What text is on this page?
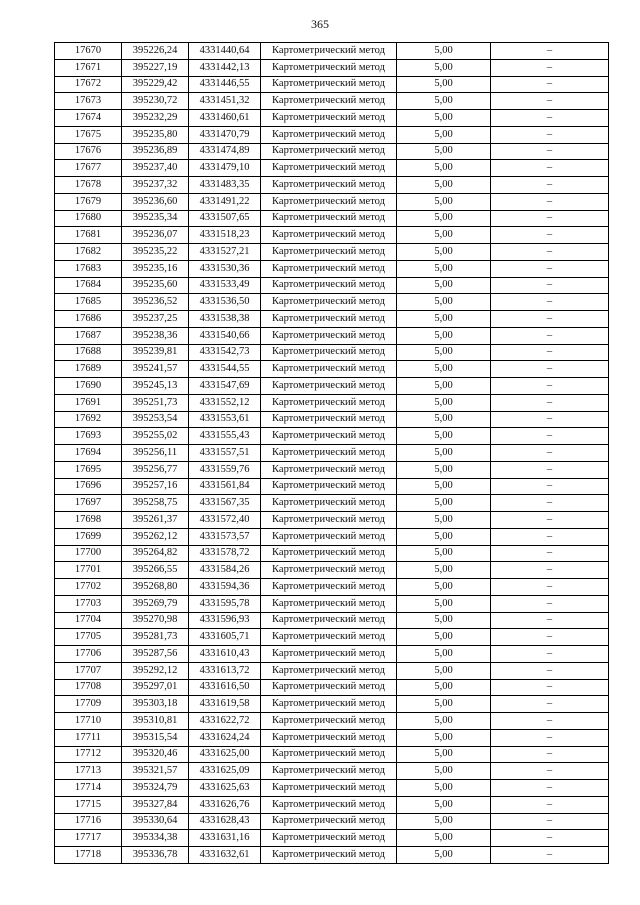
365
17670	395226,24	4331440,64	Картометрический метод	5,00	–
17671	395227,19	4331442,13	Картометрический метод	5,00	–
17672	395229,42	4331446,55	Картометрический метод	5,00	–
17673	395230,72	4331451,32	Картометрический метод	5,00	–
17674	395232,29	4331460,61	Картометрический метод	5,00	–
17675	395235,80	4331470,79	Картометрический метод	5,00	–
17676	395236,89	4331474,89	Картометрический метод	5,00	–
17677	395237,40	4331479,10	Картометрический метод	5,00	–
17678	395237,32	4331483,35	Картометрический метод	5,00	–
17679	395236,60	4331491,22	Картометрический метод	5,00	–
17680	395235,34	4331507,65	Картометрический метод	5,00	–
17681	395236,07	4331518,23	Картометрический метод	5,00	–
17682	395235,22	4331527,21	Картометрический метод	5,00	–
17683	395235,16	4331530,36	Картометрический метод	5,00	–
17684	395235,60	4331533,49	Картометрический метод	5,00	–
17685	395236,52	4331536,50	Картометрический метод	5,00	–
17686	395237,25	4331538,38	Картометрический метод	5,00	–
17687	395238,36	4331540,66	Картометрический метод	5,00	–
17688	395239,81	4331542,73	Картометрический метод	5,00	–
17689	395241,57	4331544,55	Картометрический метод	5,00	–
17690	395245,13	4331547,69	Картометрический метод	5,00	–
17691	395251,73	4331552,12	Картометрический метод	5,00	–
17692	395253,54	4331553,61	Картометрический метод	5,00	–
17693	395255,02	4331555,43	Картометрический метод	5,00	–
17694	395256,11	4331557,51	Картометрический метод	5,00	–
17695	395256,77	4331559,76	Картометрический метод	5,00	–
17696	395257,16	4331561,84	Картометрический метод	5,00	–
17697	395258,75	4331567,35	Картометрический метод	5,00	–
17698	395261,37	4331572,40	Картометрический метод	5,00	–
17699	395262,12	4331573,57	Картометрический метод	5,00	–
17700	395264,82	4331578,72	Картометрический метод	5,00	–
17701	395266,55	4331584,26	Картометрический метод	5,00	–
17702	395268,80	4331594,36	Картометрический метод	5,00	–
17703	395269,79	4331595,78	Картометрический метод	5,00	–
17704	395270,98	4331596,93	Картометрический метод	5,00	–
17705	395281,73	4331605,71	Картометрический метод	5,00	–
17706	395287,56	4331610,43	Картометрический метод	5,00	–
17707	395292,12	4331613,72	Картометрический метод	5,00	–
17708	395297,01	4331616,50	Картометрический метод	5,00	–
17709	395303,18	4331619,58	Картометрический метод	5,00	–
17710	395310,81	4331622,72	Картометрический метод	5,00	–
17711	395315,54	4331624,24	Картометрический метод	5,00	–
17712	395320,46	4331625,00	Картометрический метод	5,00	–
17713	395321,57	4331625,09	Картометрический метод	5,00	–
17714	395324,79	4331625,63	Картометрический метод	5,00	–
17715	395327,84	4331626,76	Картометрический метод	5,00	–
17716	395330,64	4331628,43	Картометрический метод	5,00	–
17717	395334,38	4331631,16	Картометрический метод	5,00	–
17718	395336,78	4331632,61	Картометрический метод	5,00	–
